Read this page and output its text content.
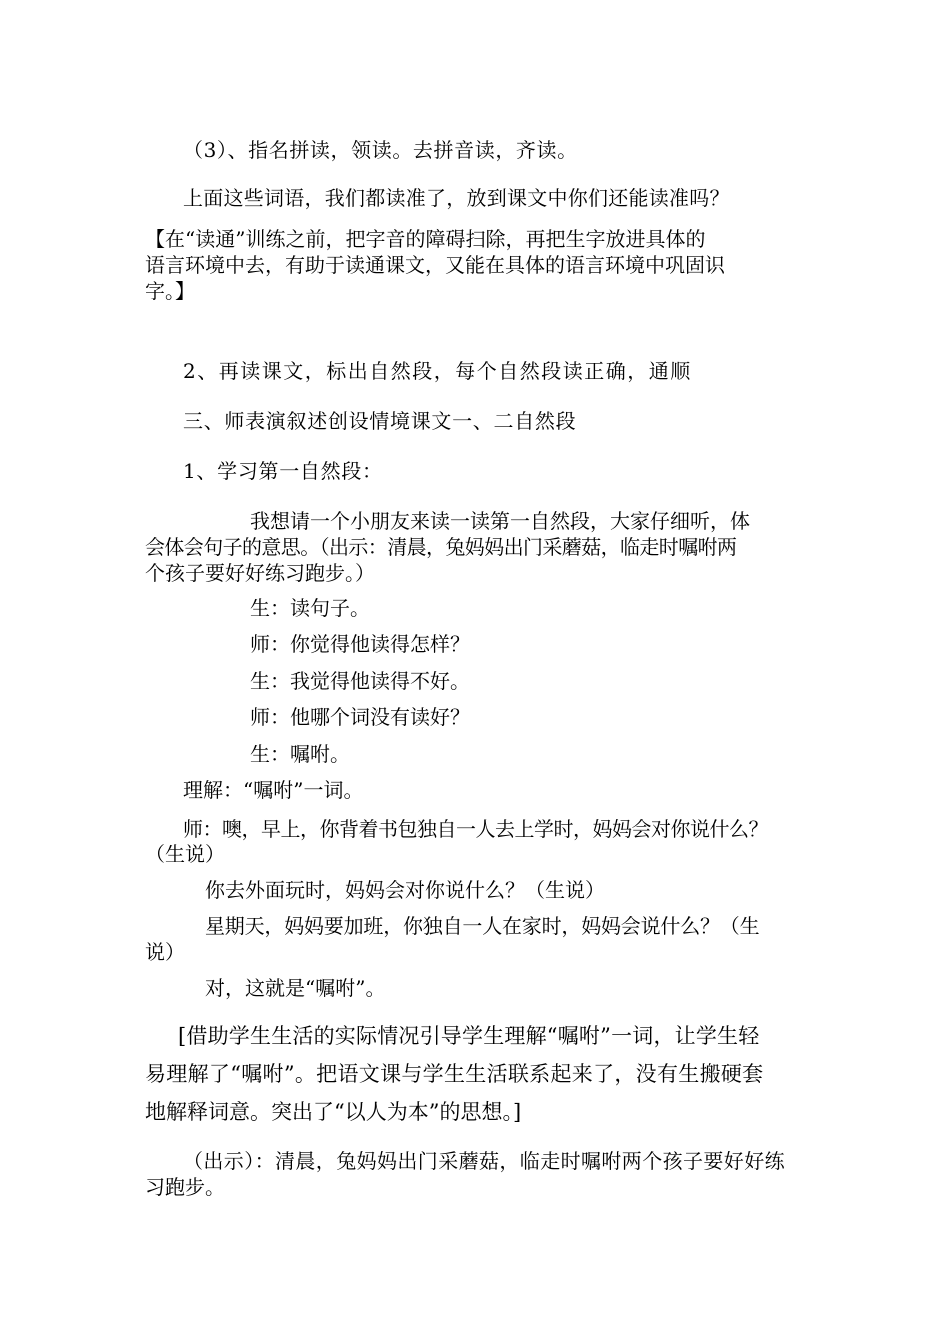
（3）、指名拼读，领读。去拼音读，齐读。
上面这些词语，我们都读准了，放到课文中你们还能读准吗？
【在“读通”训练之前，把字音的障碍扫除，再把生字放进具体的
语言环境中去，有助于读通课文，又能在具体的语言环境中巩固识
字。】
2、再读课文，标出自然段，每个自然段读正确，通顺
三、师表演叙述创设情境课文一、二自然段
1、学习第一自然段：
我想请一个小朋友来读一读第一自然段，大家仔细听，体
会体会句子的意思。（出示：清晨，兔妈妈出门采蘑菇，临走时嘱咐两
个孩子要好好练习跑步。）
生：读句子。
师：你觉得他读得怎样？
生：我觉得他读得不好。
师：他哪个词没有读好？
生：嘱咐。
理解：“嘱咐”一词。
师：噢，早上，你背着书包独自一人去上学时，妈妈会对你说什么？
（生说）
你去外面玩时，妈妈会对你说什么？（生说）
星期天，妈妈要加班，你独自一人在家时，妈妈会说什么？（生
说）
对，这就是“嘱咐”。
[借助学生生活的实际情况引导学生理解“嘱咐”一词，让学生轻
易理解了“嘱咐”。把语文课与学生生活联系起来了，没有生搬硬套
地解释词意。突出了“以人为本”的思想。]
（出示）：清晨，兔妈妈出门采蘑菇，临走时嘱咐两个孩子要好好练
习跑步。
